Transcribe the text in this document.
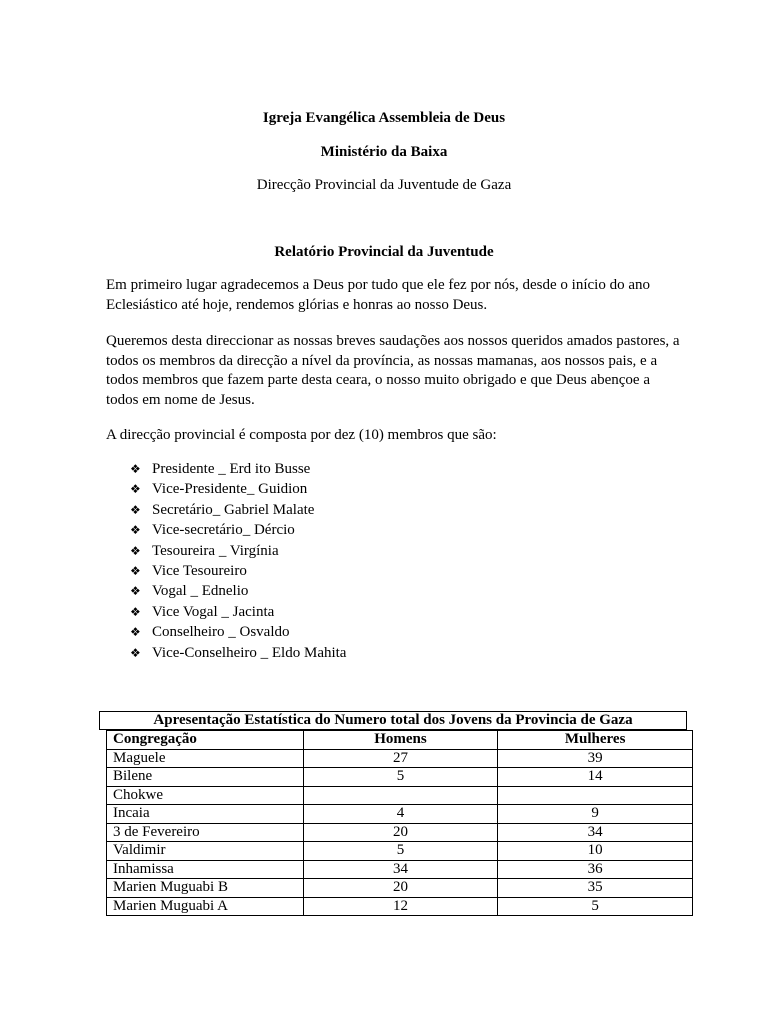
Igreja Evangélica Assembleia de Deus

Ministério da Baixa

Direcção Provincial da Juventude de Gaza

Relatório Provincial da Juventude

Em primeiro lugar agradecemos a Deus por tudo que ele fez por nós, desde o início do ano Eclesiástico até hoje, rendemos glórias e honras ao nosso Deus.

Queremos desta direccionar as nossas breves saudações aos nossos queridos amados pastores, a todos os membros da direcção a nível da província, as nossas mamanas, aos nossos pais, e a todos membros que fazem parte desta ceara, o nosso muito obrigado e que Deus abençoe a todos em nome de Jesus.

A direcção provincial é composta por dez (10) membros que são:

❖ Presidente _ Erd ito Busse
❖ Vice-Presidente_ Guidion
❖ Secretário_ Gabriel Malate
❖ Vice-secretário_ Dércio
❖ Tesoureira _ Virgínia
❖ Vice Tesoureiro
❖ Vogal _ Ednelio
❖ Vice Vogal _ Jacinta
❖ Conselheiro _ Osvaldo
❖ Vice-Conselheiro _ Eldo Mahita
Apresentação Estatística do Numero total dos Jovens da Provincia de Gaza
Congregação	Homens	Mulheres
Maguele	27	39
Bilene	5	14
Chokwe		
Incaia	4	9
3 de Fevereiro	20	34
Valdimir	5	10
Inhamissa	34	36
Marien Muguabi B	20	35
Marien Muguabi A	12	5
